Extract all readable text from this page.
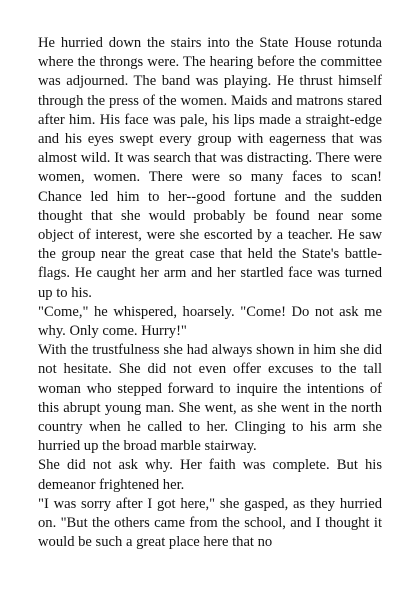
He hurried down the stairs into the State House rotunda where the throngs were. The hearing before the committee was adjourned. The band was playing. He thrust himself through the press of the women. Maids and matrons stared after him. His face was pale, his lips made a straight-edge and his eyes swept every group with eagerness that was almost wild. It was search that was distracting. There were women, women. There were so many faces to scan! Chance led him to her--good fortune and the sudden thought that she would probably be found near some object of interest, were she escorted by a teacher. He saw the group near the great case that held the State's battle-flags. He caught her arm and her startled face was turned up to his.

"Come," he whispered, hoarsely. "Come! Do not ask me why. Only come. Hurry!"

With the trustfulness she had always shown in him she did not hesitate. She did not even offer excuses to the tall woman who stepped forward to inquire the intentions of this abrupt young man. She went, as she went in the north country when he called to her. Clinging to his arm she hurried up the broad marble stairway.

She did not ask why. Her faith was complete. But his demeanor frightened her.

"I was sorry after I got here," she gasped, as they hurried on. "But the others came from the school, and I thought it would be such a great place here that no
